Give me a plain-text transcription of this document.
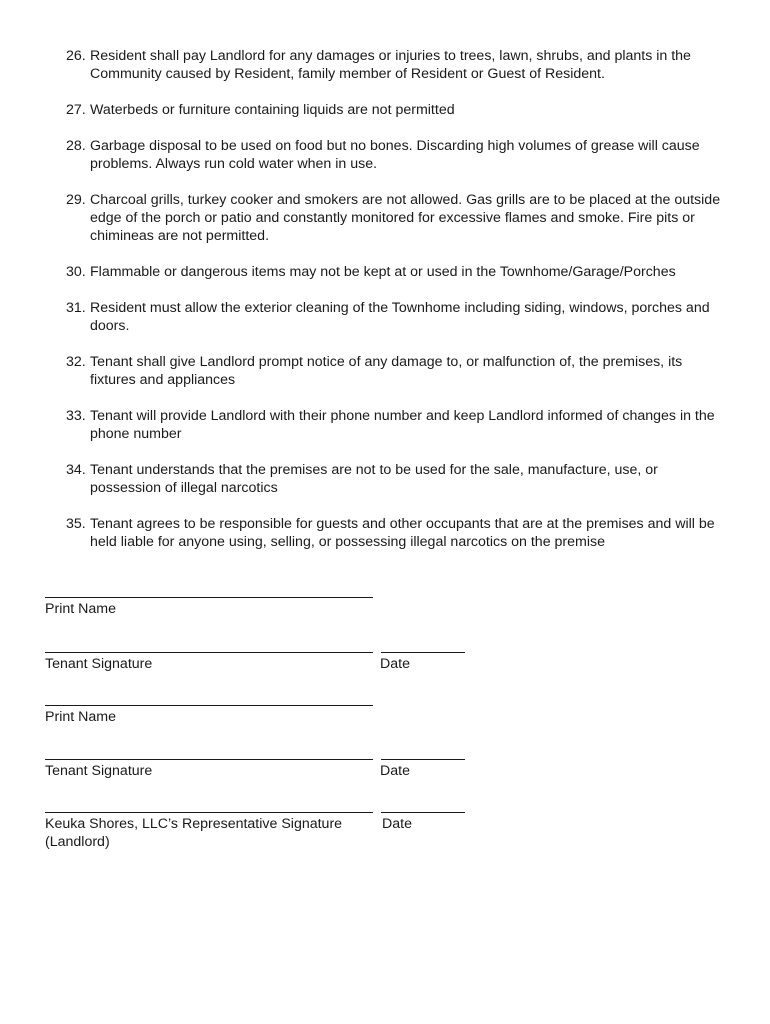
26. Resident shall pay Landlord for any damages or injuries to trees, lawn, shrubs, and plants in the Community caused by Resident, family member of Resident or Guest of Resident.
27. Waterbeds or furniture containing liquids are not permitted
28. Garbage disposal to be used on food but no bones. Discarding high volumes of grease will cause problems. Always run cold water when in use.
29. Charcoal grills, turkey cooker and smokers are not allowed. Gas grills are to be placed at the outside edge of the porch or patio and constantly monitored for excessive flames and smoke. Fire pits or chimineas are not permitted.
30. Flammable or dangerous items may not be kept at or used in the Townhome/Garage/Porches
31. Resident must allow the exterior cleaning of the Townhome including siding, windows, porches and doors.
32. Tenant shall give Landlord prompt notice of any damage to, or malfunction of, the premises, its fixtures and appliances
33. Tenant will provide Landlord with their phone number and keep Landlord informed of changes in the phone number
34. Tenant understands that the premises are not to be used for the sale, manufacture, use, or possession of illegal narcotics
35. Tenant agrees to be responsible for guests and other occupants that are at the premises and will be held liable for anyone using, selling, or possessing illegal narcotics on the premise
Print Name
Tenant Signature	Date
Print Name
Tenant Signature	Date
Keuka Shores, LLC’s Representative Signature	Date
(Landlord)
